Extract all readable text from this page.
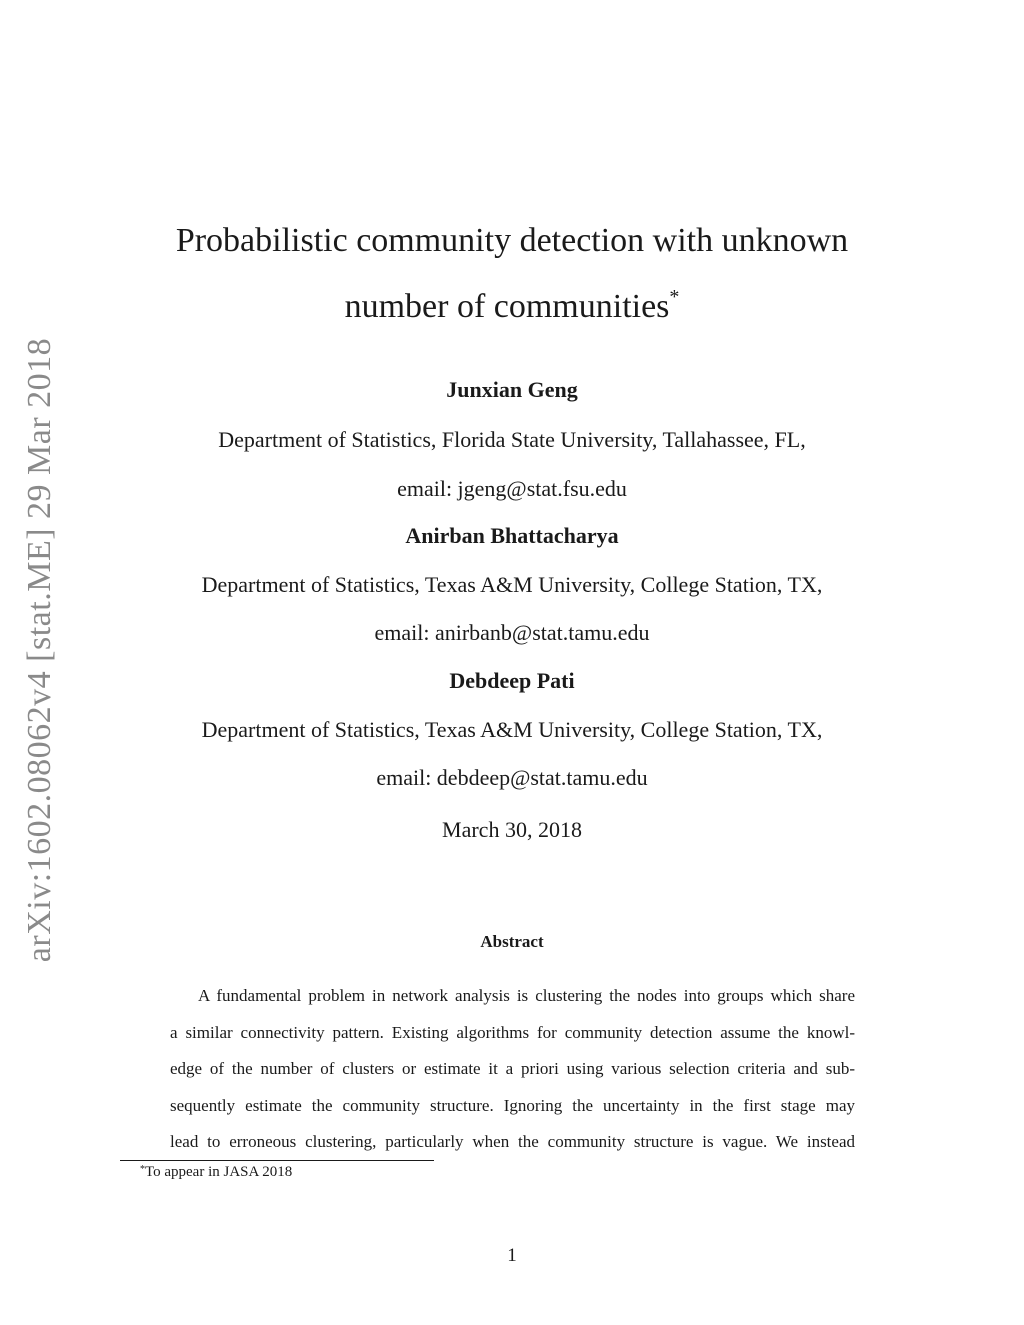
arXiv:1602.08062v4 [stat.ME] 29 Mar 2018
Probabilistic community detection with unknown
number of communities*
Junxian Geng
Department of Statistics, Florida State University, Tallahassee, FL,
email: jgeng@stat.fsu.edu
Anirban Bhattacharya
Department of Statistics, Texas A&M University, College Station, TX,
email: anirbanb@stat.tamu.edu
Debdeep Pati
Department of Statistics, Texas A&M University, College Station, TX,
email: debdeep@stat.tamu.edu
March 30, 2018
Abstract
A fundamental problem in network analysis is clustering the nodes into groups which share
a similar connectivity pattern. Existing algorithms for community detection assume the knowl-
edge of the number of clusters or estimate it a priori using various selection criteria and sub-
sequently estimate the community structure. Ignoring the uncertainty in the first stage may
lead to erroneous clustering, particularly when the community structure is vague. We instead
*To appear in JASA 2018
1
